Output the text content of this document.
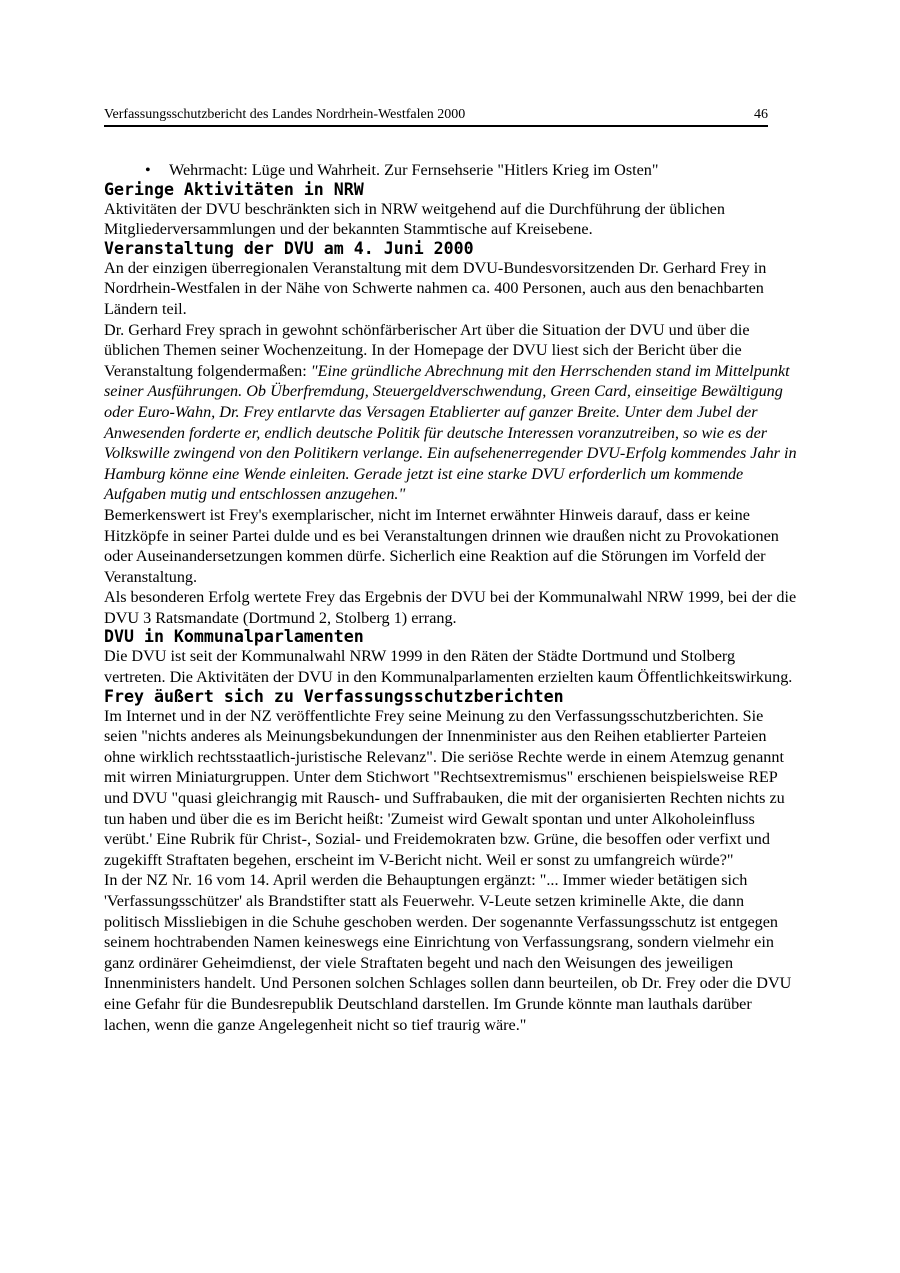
Verfassungsschutzbericht des Landes Nordrhein-Westfalen 2000	46
• Wehrmacht: Lüge und Wahrheit. Zur Fernsehserie "Hitlers Krieg im Osten"
Geringe Aktivitäten in NRW

Aktivitäten der DVU beschränkten sich in NRW weitgehend auf die Durchführung der üblichen Mitgliederversammlungen und der bekannten Stammtische auf Kreisebene.

Veranstaltung der DVU am 4. Juni 2000

An der einzigen überregionalen Veranstaltung mit dem DVU-Bundesvorsitzenden Dr. Gerhard Frey in Nordrhein-Westfalen in der Nähe von Schwerte nahmen ca. 400 Personen, auch aus den benachbarten Ländern teil.

Dr. Gerhard Frey sprach in gewohnt schönfärberischer Art über die Situation der DVU und über die üblichen Themen seiner Wochenzeitung. In der Homepage der DVU liest sich der Bericht über die Veranstaltung folgendermaßen: "Eine gründliche Abrechnung mit den Herrschenden stand im Mittelpunkt seiner Ausführungen. Ob Überfremdung, Steuergeldverschwendung, Green Card, einseitige Bewältigung oder Euro-Wahn, Dr. Frey entlarvte das Versagen Etablierter auf ganzer Breite. Unter dem Jubel der Anwesenden forderte er, endlich deutsche Politik für deutsche Interessen voranzutreiben, so wie es der Volkswille zwingend von den Politikern verlange. Ein aufsehenerregender DVU-Erfolg kommendes Jahr in Hamburg könne eine Wende einleiten. Gerade jetzt ist eine starke DVU erforderlich um kommende Aufgaben mutig und entschlossen anzugehen."

Bemerkenswert ist Frey's exemplarischer, nicht im Internet erwähnter Hinweis darauf, dass er keine Hitzköpfe in seiner Partei dulde und es bei Veranstaltungen drinnen wie draußen nicht zu Provokationen oder Auseinandersetzungen kommen dürfe. Sicherlich eine Reaktion auf die Störungen im Vorfeld der Veranstaltung.

Als besonderen Erfolg wertete Frey das Ergebnis der DVU bei der Kommunalwahl NRW 1999, bei der die DVU 3 Ratsmandate (Dortmund 2, Stolberg 1) errang.

DVU in Kommunalparlamenten

Die DVU ist seit der Kommunalwahl NRW 1999 in den Räten der Städte Dortmund und Stolberg vertreten. Die Aktivitäten der DVU in den Kommunalparlamenten erzielten kaum Öffentlichkeitswirkung.

Frey äußert sich zu Verfassungsschutzberichten

Im Internet und in der NZ veröffentlichte Frey seine Meinung zu den Verfassungsschutzberichten. Sie seien "nichts anderes als Meinungsbekundungen der Innenminister aus den Reihen etablierter Parteien ohne wirklich rechtsstaatlich-juristische Relevanz". Die seriöse Rechte werde in einem Atemzug genannt mit wirren Miniaturgruppen. Unter dem Stichwort "Rechtsextremismus" erschienen beispielsweise REP und DVU "quasi gleichrangig mit Rausch- und Suffrabauken, die mit der organisierten Rechten nichts zu tun haben und über die es im Bericht heißt: 'Zumeist wird Gewalt spontan und unter Alkoholeinfluss verübt.' Eine Rubrik für Christ-, Sozial- und Freidemokraten bzw. Grüne, die besoffen oder verfixt und zugekifft Straftaten begehen, erscheint im V-Bericht nicht. Weil er sonst zu umfangreich würde?"

In der NZ Nr. 16 vom 14. April werden die Behauptungen ergänzt: "... Immer wieder betätigen sich 'Verfassungsschützer' als Brandstifter statt als Feuerwehr. V-Leute setzen kriminelle Akte, die dann politisch Missliebigen in die Schuhe geschoben werden. Der sogenannte Verfassungsschutz ist entgegen seinem hochtrabenden Namen keineswegs eine Einrichtung von Verfassungsrang, sondern vielmehr ein ganz ordinärer Geheimdienst, der viele Straftaten begeht und nach den Weisungen des jeweiligen Innenministers handelt. Und Personen solchen Schlages sollen dann beurteilen, ob Dr. Frey oder die DVU eine Gefahr für die Bundesrepublik Deutschland darstellen. Im Grunde könnte man lauthals darüber lachen, wenn die ganze Angelegenheit nicht so tief traurig wäre."
